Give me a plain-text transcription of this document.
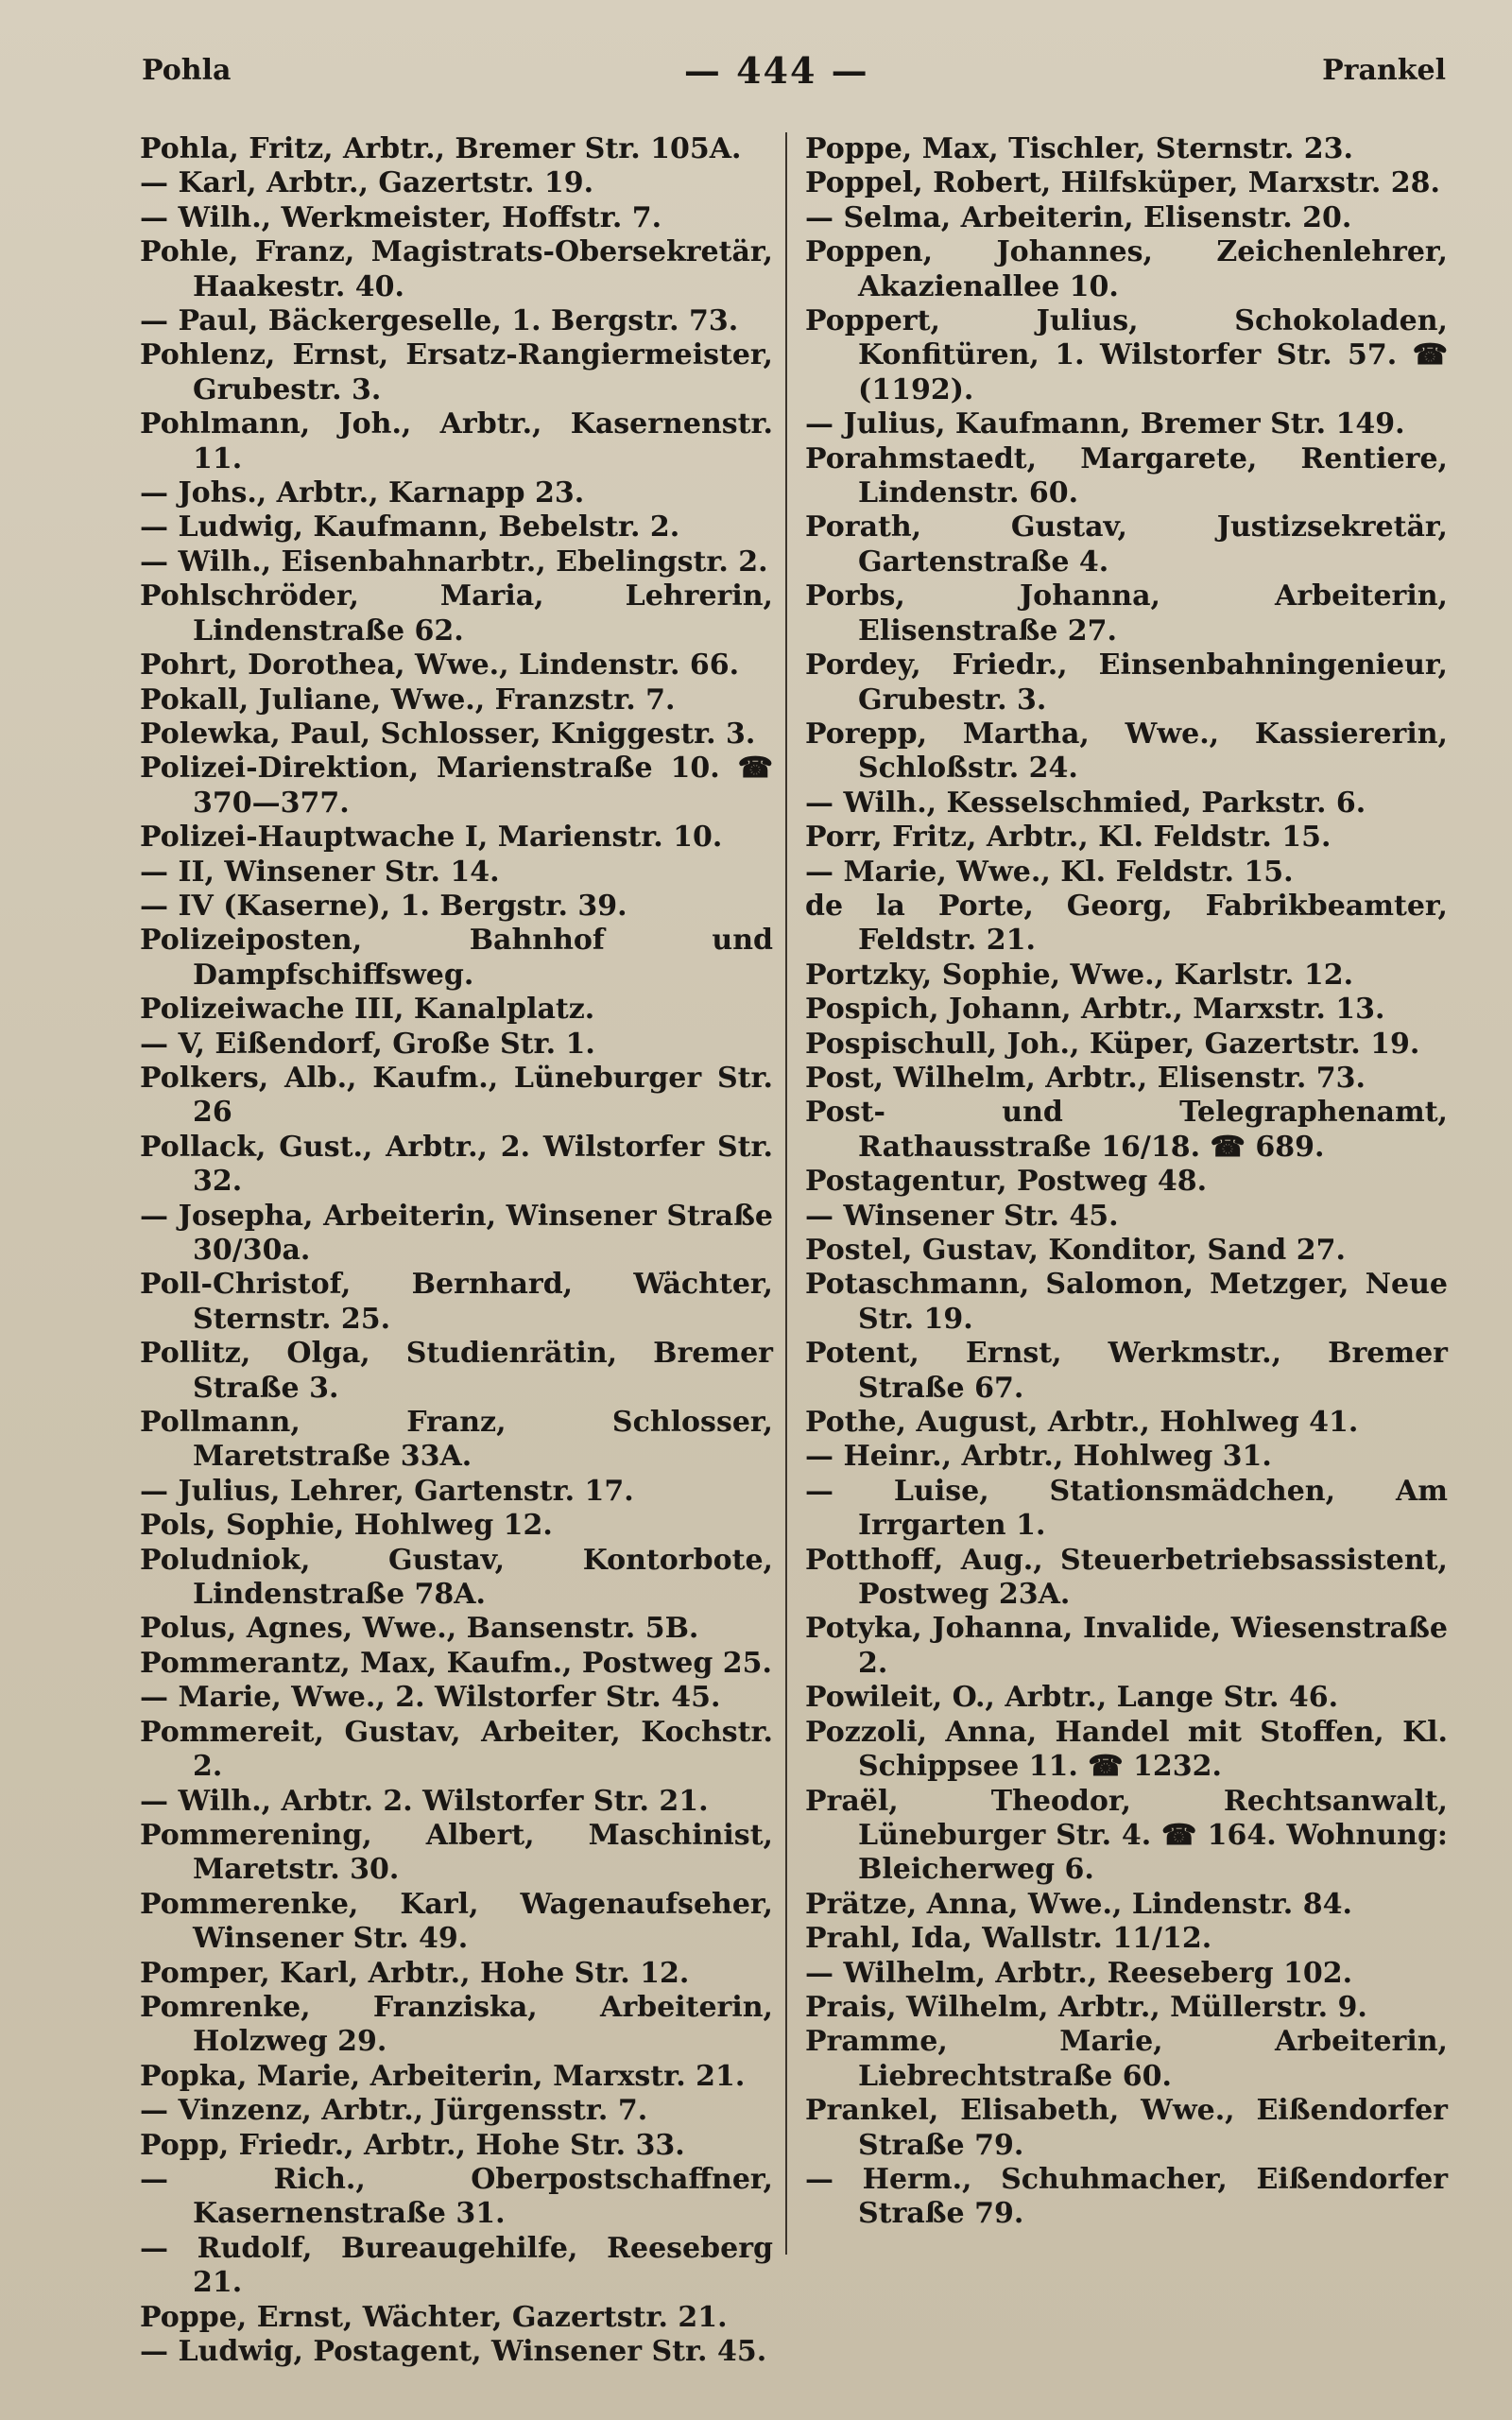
Pohla	— 444 —	Prankel

Pohla, Fritz, Arbtr., Bremer Str. 105A.

— Karl, Arbtr., Gazertstr. 19.

— Wilh., Werkmeister, Hoffstr. 7.

Pohle, Franz, Magistrats-Obersekretär, Haakestr. 40.

— Paul, Bäckergeselle, 1. Bergstr. 73.

Pohlenz, Ernst, Ersatz-Rangiermeister, Grubestr. 3.

Pohlmann, Joh., Arbtr., Kasernenstr. 11.

— Johs., Arbtr., Karnapp 23.

— Ludwig, Kaufmann, Bebelstr. 2.

— Wilh., Eisenbahnarbtr., Ebelingstr. 2.

Pohlschröder, Maria, Lehrerin, Lindenstraße 62.

Pohrt, Dorothea, Wwe., Lindenstr. 66.

Pokall, Juliane, Wwe., Franzstr. 7.

Polewka, Paul, Schlosser, Kniggestr. 3.

Polizei-Direktion, Marienstraße 10. ☎ 370—377.

Polizei-Hauptwache I, Marienstr. 10.

— II, Winsener Str. 14.

— IV (Kaserne), 1. Bergstr. 39.

Polizeiposten, Bahnhof und Dampfschiffsweg.

Polizeiwache III, Kanalplatz.

— V, Eißendorf, Große Str. 1.

Polkers, Alb., Kaufm., Lüneburger Str. 26

Pollack, Gust., Arbtr., 2. Wilstorfer Str. 32.

— Josepha, Arbeiterin, Winsener Straße 30/30a.

Poll-Christof, Bernhard, Wächter, Sternstr. 25.

Pollitz, Olga, Studienrätin, Bremer Straße 3.

Pollmann, Franz, Schlosser, Maretstraße 33A.

— Julius, Lehrer, Gartenstr. 17.

Pols, Sophie, Hohlweg 12.

Poludniok, Gustav, Kontorbote, Lindenstraße 78A.

Polus, Agnes, Wwe., Bansenstr. 5B.

Pommerantz, Max, Kaufm., Postweg 25.

— Marie, Wwe., 2. Wilstorfer Str. 45.

Pommereit, Gustav, Arbeiter, Kochstr. 2.

— Wilh., Arbtr. 2. Wilstorfer Str. 21.

Pommerening, Albert, Maschinist, Maretstr. 30.

Pommerenke, Karl, Wagenaufseher, Winsener Str. 49.

Pomper, Karl, Arbtr., Hohe Str. 12.

Pomrenke, Franziska, Arbeiterin, Holzweg 29.

Popka, Marie, Arbeiterin, Marxstr. 21.

— Vinzenz, Arbtr., Jürgensstr. 7.

Popp, Friedr., Arbtr., Hohe Str. 33.

— Rich., Oberpostschaffner, Kasernenstraße 31.

— Rudolf, Bureaugehilfe, Reeseberg 21.

Poppe, Ernst, Wächter, Gazertstr. 21.

— Ludwig, Postagent, Winsener Str. 45.

Poppe, Max, Tischler, Sternstr. 23.

Poppel, Robert, Hilfsküper, Marxstr. 28.

— Selma, Arbeiterin, Elisenstr. 20.

Poppen, Johannes, Zeichenlehrer, Akazienallee 10.

Poppert, Julius, Schokoladen, Konfitüren, 1. Wilstorfer Str. 57. ☎ (1192).

— Julius, Kaufmann, Bremer Str. 149.

Porahmstaedt, Margarete, Rentiere, Lindenstr. 60.

Porath, Gustav, Justizsekretär, Gartenstraße 4.

Porbs, Johanna, Arbeiterin, Elisenstraße 27.

Pordey, Friedr., Einsenbahningenieur, Grubestr. 3.

Porepp, Martha, Wwe., Kassiererin, Schloßstr. 24.

— Wilh., Kesselschmied, Parkstr. 6.

Porr, Fritz, Arbtr., Kl. Feldstr. 15.

— Marie, Wwe., Kl. Feldstr. 15.

de la Porte, Georg, Fabrikbeamter, Feldstr. 21.

Portzky, Sophie, Wwe., Karlstr. 12.

Pospich, Johann, Arbtr., Marxstr. 13.

Pospischull, Joh., Küper, Gazertstr. 19.

Post, Wilhelm, Arbtr., Elisenstr. 73.

Post- und Telegraphenamt, Rathausstraße 16/18. ☎ 689.

Postagentur, Postweg 48.

— Winsener Str. 45.

Postel, Gustav, Konditor, Sand 27.

Potaschmann, Salomon, Metzger, Neue Str. 19.

Potent, Ernst, Werkmstr., Bremer Straße 67.

Pothe, August, Arbtr., Hohlweg 41.

— Heinr., Arbtr., Hohlweg 31.

— Luise, Stationsmädchen, Am Irrgarten 1.

Potthoff, Aug., Steuerbetriebsassistent, Postweg 23A.

Potyka, Johanna, Invalide, Wiesenstraße 2.

Powileit, O., Arbtr., Lange Str. 46.

Pozzoli, Anna, Handel mit Stoffen, Kl. Schippsee 11. ☎ 1232.

Praël, Theodor, Rechtsanwalt, Lüneburger Str. 4. ☎ 164. Wohnung: Bleicherweg 6.

Prätze, Anna, Wwe., Lindenstr. 84.

Prahl, Ida, Wallstr. 11/12.

— Wilhelm, Arbtr., Reeseberg 102.

Prais, Wilhelm, Arbtr., Müllerstr. 9.

Pramme, Marie, Arbeiterin, Liebrechtstraße 60.

Prankel, Elisabeth, Wwe., Eißendorfer Straße 79.

— Herm., Schuhmacher, Eißendorfer Straße 79.
